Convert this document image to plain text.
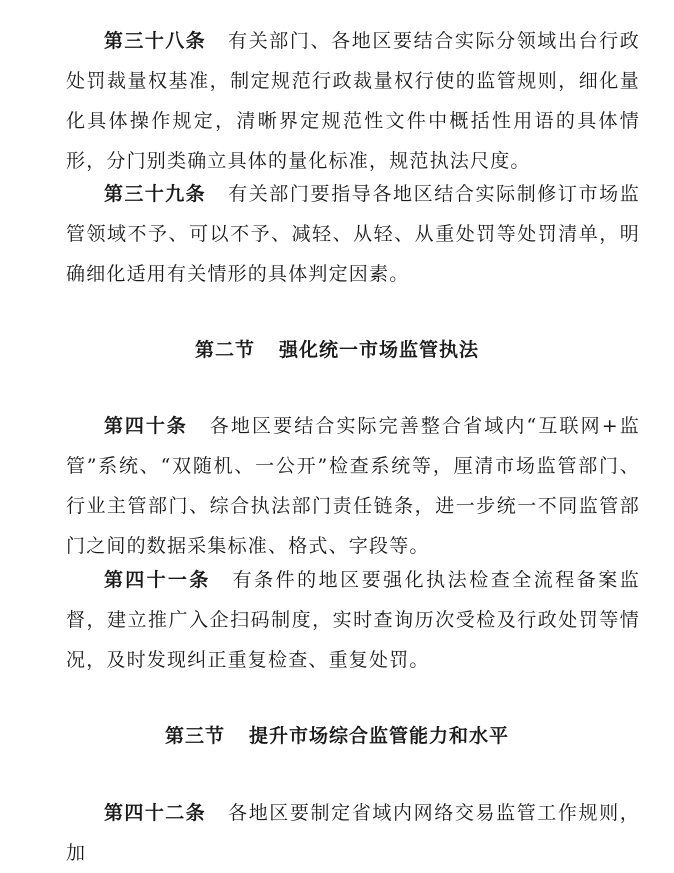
第三十八条 有关部门、各地区要结合实际分领域出台行政处罚裁量权基准，制定规范行政裁量权行使的监管规则，细化量化具体操作规定，清晰界定规范性文件中概括性用语的具体情形，分门别类确立具体的量化标准，规范执法尺度。

第三十九条 有关部门要指导各地区结合实际制修订市场监管领域不予、可以不予、减轻、从轻、从重处罚等处罚清单，明确细化适用有关情形的具体判定因素。

第二节 强化统一市场监管执法

第四十条 各地区要结合实际完善整合省域内“互联网+监管”系统、“双随机、一公开”检查系统等，厘清市场监管部门、行业主管部门、综合执法部门责任链条，进一步统一不同监管部门之间的数据采集标准、格式、字段等。

第四十一条 有条件的地区要强化执法检查全流程备案监督，建立推广入企扫码制度，实时查询历次受检及行政处罚等情况，及时发现纠正重复检查、重复处罚。

第三节 提升市场综合监管能力和水平

第四十二条 各地区要制定省域内网络交易监管工作规则，加
